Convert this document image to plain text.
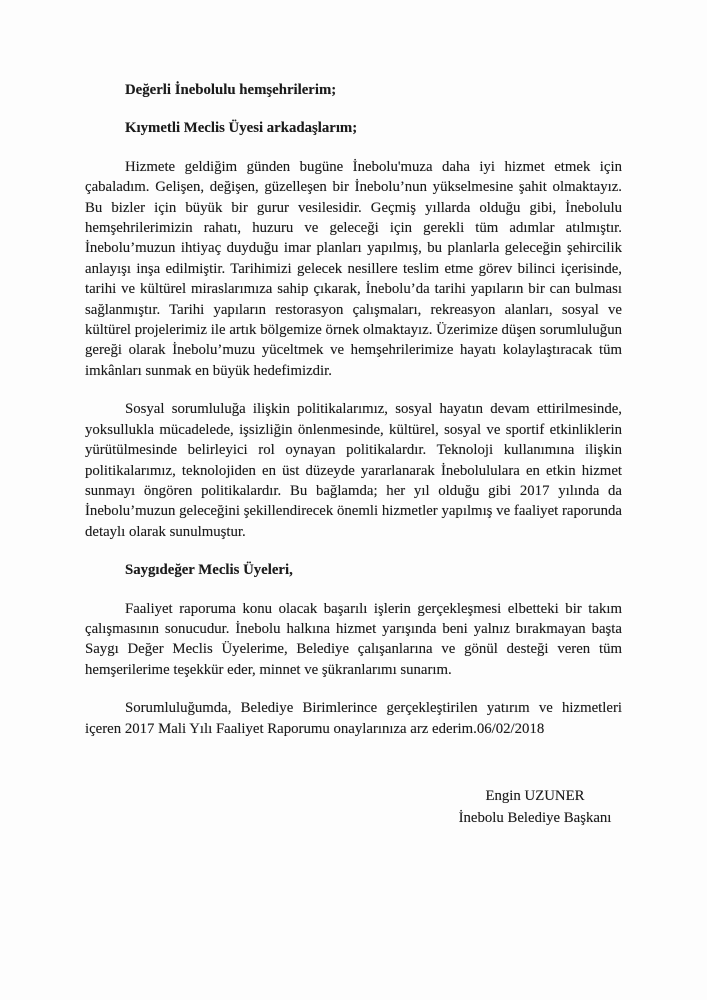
Değerli İnebolulu hemşehrilerim;

Kıymetli Meclis Üyesi arkadaşlarım;

Hizmete geldiğim günden bugüne İnebolu'muza daha iyi hizmet etmek için çabaladım. Gelişen, değişen, güzelleşen bir İnebolu’nun yükselmesine şahit olmaktayız. Bu bizler için büyük bir gurur vesilesidir. Geçmiş yıllarda olduğu gibi, İnebolulu hemşehrilerimizin rahatı, huzuru ve geleceği için gerekli tüm adımlar atılmıştır. İnebolu’muzun ihtiyaç duyduğu imar planları yapılmış, bu planlarla geleceğin şehircilik anlayışı inşa edilmiştir. Tarihimizi gelecek nesillere teslim etme görev bilinci içerisinde, tarihi ve kültürel miraslarımıza sahip çıkarak, İnebolu’da tarihi yapıların bir can bulması sağlanmıştır. Tarihi yapıların restorasyon çalışmaları, rekreasyon alanları, sosyal ve kültürel projelerimiz ile artık bölgemize örnek olmaktayız. Üzerimize düşen sorumluluğun gereği olarak İnebolu’muzu yüceltmek ve hemşehrilerimize hayatı kolaylaştıracak tüm imkânları sunmak en büyük hedefimizdir.

Sosyal sorumluluğa ilişkin politikalarımız, sosyal hayatın devam ettirilmesinde, yoksullukla mücadelede, işsizliğin önlenmesinde, kültürel, sosyal ve sportif etkinliklerin yürütülmesinde belirleyici rol oynayan politikalardır. Teknoloji kullanımına ilişkin politikalarımız, teknolojiden en üst düzeyde yararlanarak İnebolululara en etkin hizmet sunmayı öngören politikalardır. Bu bağlamda; her yıl olduğu gibi 2017 yılında da İnebolu’muzun geleceğini şekillendirecek önemli hizmetler yapılmış ve faaliyet raporunda detaylı olarak sunulmuştur.

Saygıdeğer Meclis Üyeleri,

Faaliyet raporuma konu olacak başarılı işlerin gerçekleşmesi elbetteki bir takım çalışmasının sonucudur. İnebolu halkına hizmet yarışında beni yalnız bırakmayan başta Saygı Değer Meclis Üyelerime, Belediye çalışanlarına ve gönül desteği veren tüm hemşerilerime teşekkür eder, minnet ve şükranlarımı sunarım.

Sorumluluğumda, Belediye Birimlerince gerçekleştirilen yatırım ve hizmetleri içeren 2017 Mali Yılı Faaliyet Raporumu onaylarınıza arz ederim.06/02/2018

Engin UZUNER
İnebolu Belediye Başkanı
